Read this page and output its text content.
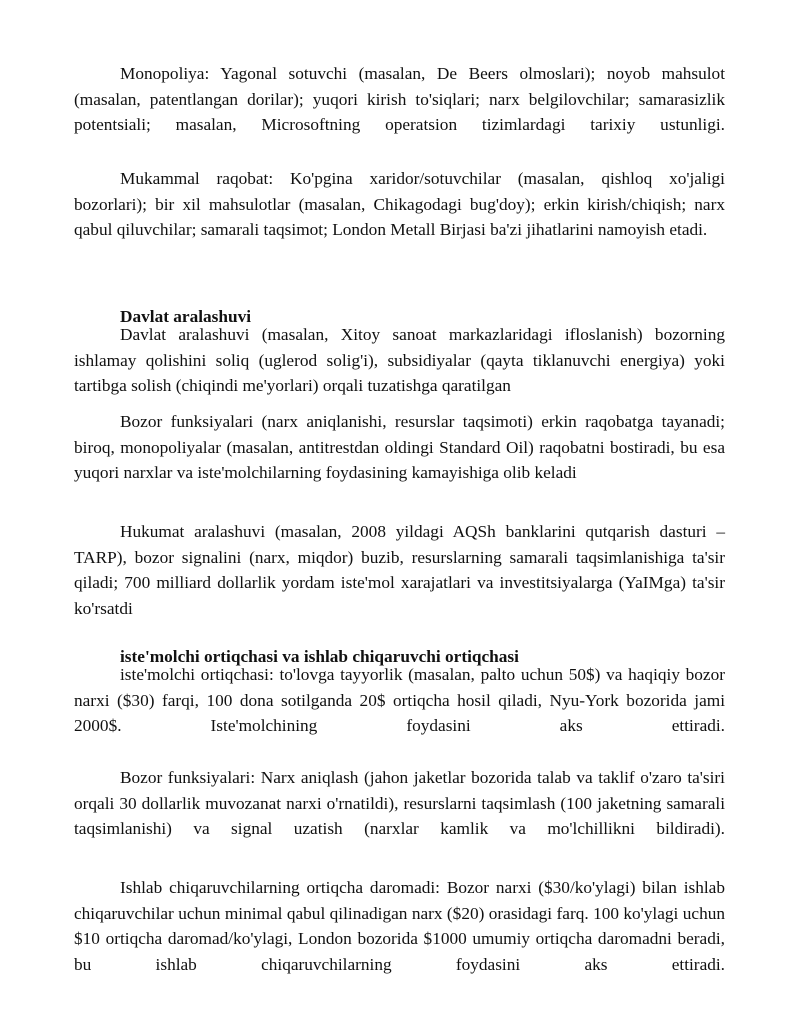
Monopoliya: Yagonal sotuvchi (masalan, De Beers olmoslari); noyob mahsulot (masalan, patentlangan dorilar); yuqori kirish to'siqlari; narx belgilovchilar; samarasizlik potentsiali; masalan, Microsoftning operatsion tizimlardagi tarixiy ustunligi.

Mukammal raqobat: Ko'pgina xaridor/sotuvchilar (masalan, qishloq xo'jaligi bozorlari); bir xil mahsulotlar (masalan, Chikagodagi bug'doy); erkin kirish/chiqish; narx qabul qiluvchilar; samarali taqsimot; London Metall Birjasi ba'zi jihatlarini namoyish etadi.

Davlat aralashuvi

Davlat aralashuvi (masalan, Xitoy sanoat markazlaridagi ifloslanish) bozorning ishlamay qolishini soliq (uglerod solig'i), subsidiyalar (qayta tiklanuvchi energiya) yoki tartibga solish (chiqindi me'yorlari) orqali tuzatishga qaratilgan

Bozor funksiyalari (narx aniqlanishi, resurslar taqsimoti) erkin raqobatga tayanadi; biroq, monopoliyalar (masalan, antitrestdan oldingi Standard Oil) raqobatni bostiradi, bu esa yuqori narxlar va iste'molchilarning foydasining kamayishiga olib keladi

Hukumat aralashuvi (masalan, 2008 yildagi AQSh banklarini qutqarish dasturi – TARP), bozor signalini (narx, miqdor) buzib, resurslarning samarali taqsimlanishiga ta'sir qiladi; 700 milliard dollarlik yordam iste'mol xarajatlari va investitsiyalarga (YaIMga) ta'sir ko'rsatdi

iste'molchi ortiqchasi va ishlab chiqaruvchi ortiqchasi

iste'molchi ortiqchasi: to'lovga tayyorlik (masalan, palto uchun 50$) va haqiqiy bozor narxi ($30) farqi, 100 dona sotilganda 20$ ortiqcha hosil qiladi, Nyu-York bozorida jami 2000$. Iste'molchining foydasini aks ettiradi.

Bozor funksiyalari: Narx aniqlash (jahon jaketlar bozorida talab va taklif o'zaro ta'siri orqali 30 dollarlik muvozanat narxi o'rnatildi), resurslarni taqsimlash (100 jaketning samarali taqsimlanishi) va signal uzatish (narxlar kamlik va mo'lchillikni bildiradi).

Ishlab chiqaruvchilarning ortiqcha daromadi: Bozor narxi ($30/ko'ylagi) bilan ishlab chiqaruvchilar uchun minimal qabul qilinadigan narx ($20) orasidagi farq. 100 ko'ylagi uchun $10 ortiqcha daromad/ko'ylagi, London bozorida $1000 umumiy ortiqcha daromadni beradi, bu ishlab chiqaruvchilarning foydasini aks ettiradi.
